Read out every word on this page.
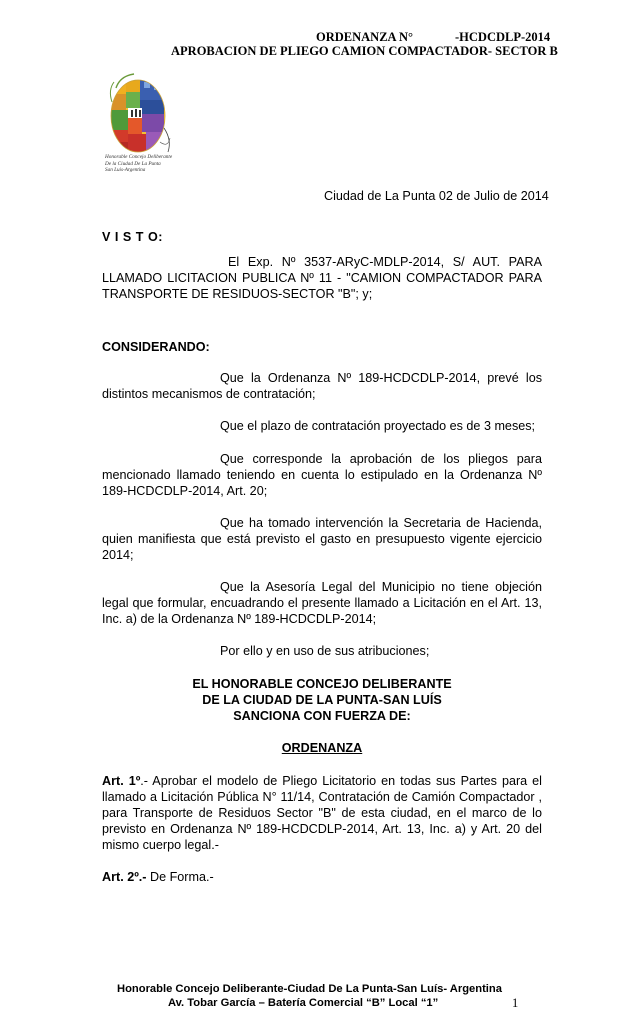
ORDENANZA N°	-HCDCDLP-2014
APROBACION DE PLIEGO CAMION COMPACTADOR- SECTOR B
Honorable Concejo Deliberante
De la Ciudad De La Punta
San Luis-Argentina
Ciudad de La Punta 02 de Julio de 2014
V I S T O:
El Exp. Nº 3537-ARyC-MDLP-2014, S/ AUT. PARA LLAMADO LICITACION PUBLICA Nº 11 - "CAMION COMPACTADOR PARA TRANSPORTE DE RESIDUOS-SECTOR "B"; y;
CONSIDERANDO:
Que la Ordenanza Nº 189-HCDCDLP-2014, prevé los distintos mecanismos de contratación;
Que el plazo de contratación proyectado es de 3 meses;
Que corresponde la aprobación de los pliegos para mencionado llamado teniendo en cuenta lo estipulado en la Ordenanza Nº 189-HCDCDLP-2014, Art. 20;
Que ha tomado intervención la Secretaria de Hacienda, quien manifiesta que está previsto el gasto en presupuesto vigente ejercicio 2014;
Que la Asesoría Legal del Municipio no tiene objeción legal que formular, encuadrando el presente llamado a Licitación en el Art. 13, Inc. a) de la Ordenanza Nº 189-HCDCDLP-2014;
Por ello y en uso de sus atribuciones;
EL HONORABLE CONCEJO DELIBERANTE
DE LA CIUDAD DE LA PUNTA-SAN LUÍS
SANCIONA CON FUERZA DE:
ORDENANZA
Art. 1º.- Aprobar el modelo de Pliego Licitatorio en todas sus Partes para el llamado a Licitación Pública N° 11/14, Contratación de Camión Compactador , para Transporte de Residuos Sector "B" de esta ciudad, en el marco de lo previsto en Ordenanza Nº 189-HCDCDLP-2014, Art. 13, Inc. a) y Art. 20 del mismo cuerpo legal.-
Art. 2º.- De Forma.-
Honorable Concejo Deliberante-Ciudad De La Punta-San Luís- Argentina
Av. Tobar García – Batería Comercial “B” Local “1”	1
